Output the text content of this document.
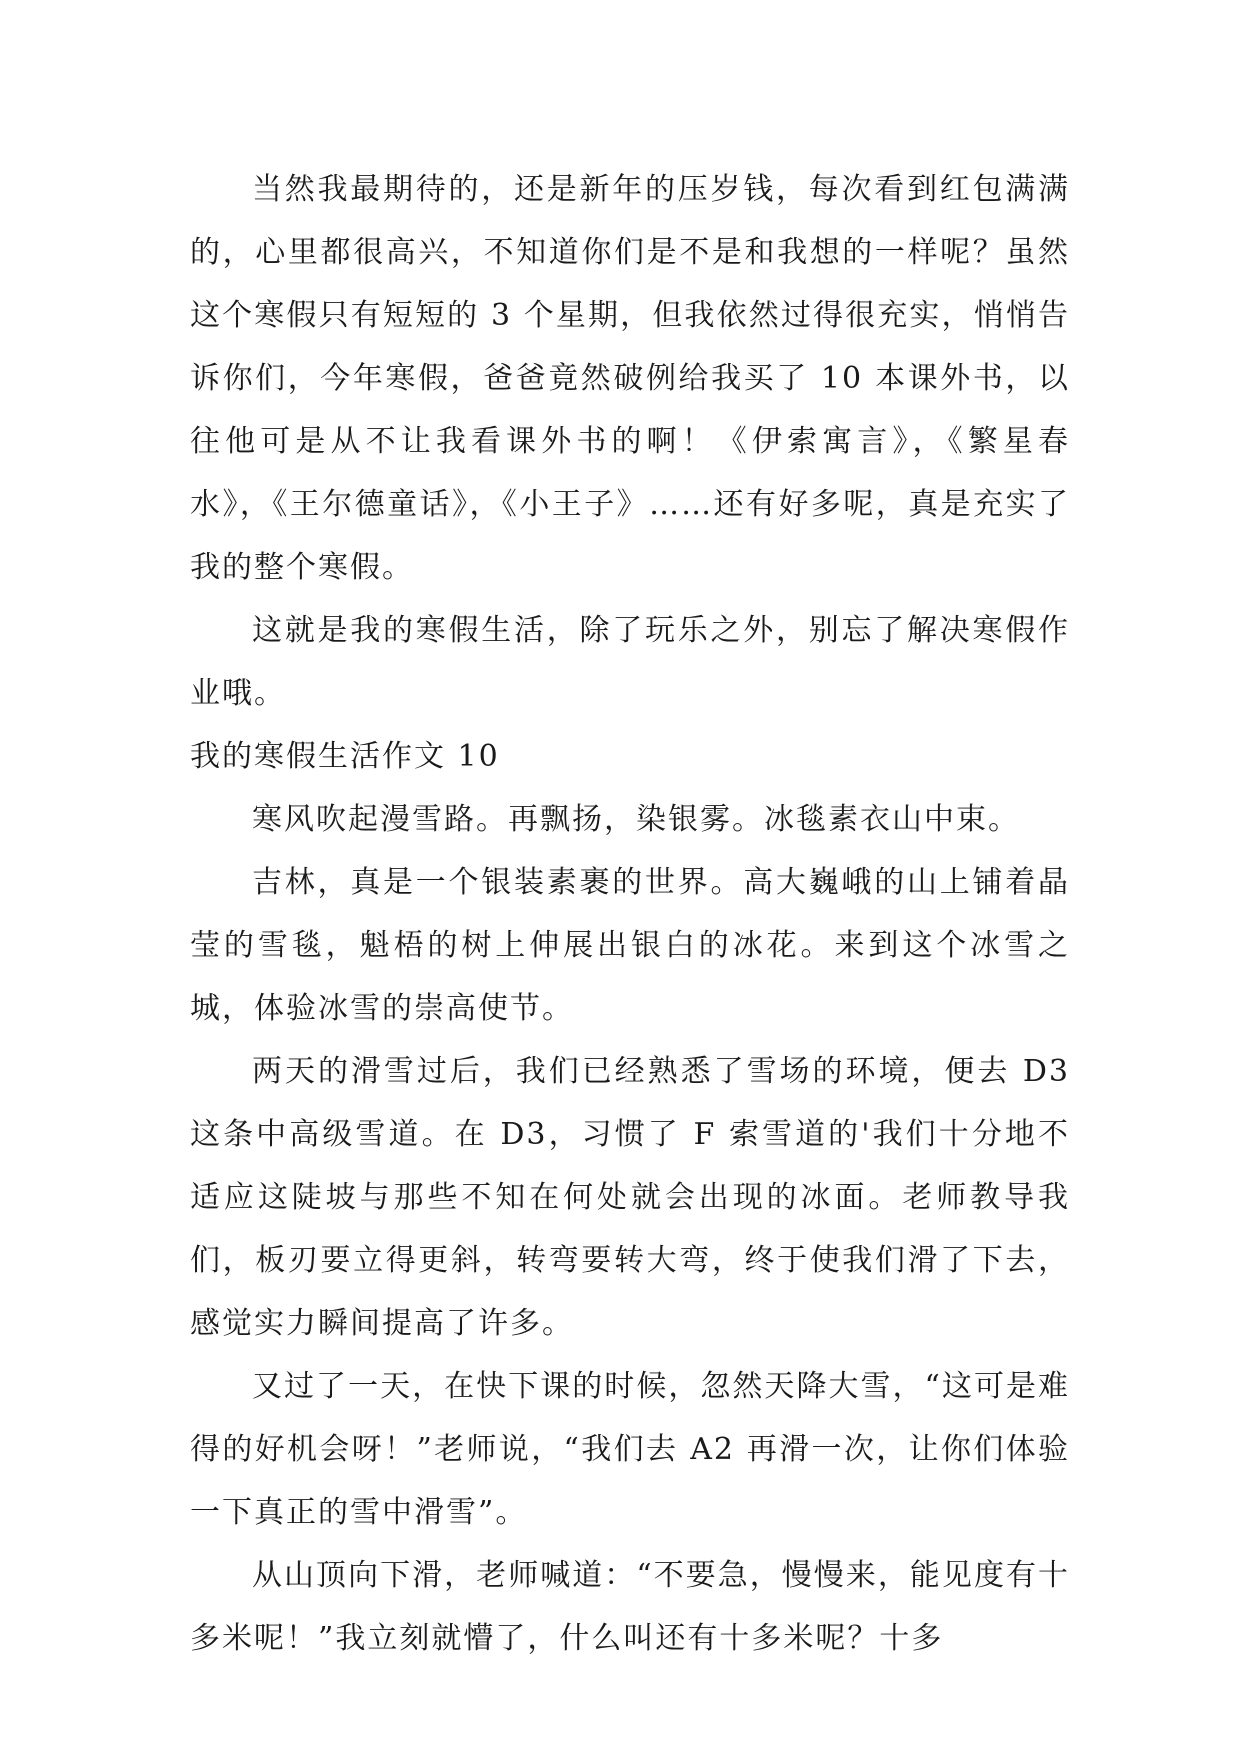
当然我最期待的，还是新年的压岁钱，每次看到红包满满的，心里都很高兴，不知道你们是不是和我想的一样呢？虽然这个寒假只有短短的 3 个星期，但我依然过得很充实，悄悄告诉你们，今年寒假，爸爸竟然破例给我买了 10 本课外书，以往他可是从不让我看课外书的啊！《伊索寓言》，《繁星春水》，《王尔德童话》，《小王子》……还有好多呢，真是充实了我的整个寒假。

这就是我的寒假生活，除了玩乐之外，别忘了解决寒假作业哦。

我的寒假生活作文 10

寒风吹起漫雪路。再飘扬，染银雾。冰毯素衣山中束。

吉林，真是一个银装素裹的世界。高大巍峨的山上铺着晶莹的雪毯，魁梧的树上伸展出银白的冰花。来到这个冰雪之城，体验冰雪的崇高使节。

两天的滑雪过后，我们已经熟悉了雪场的环境，便去 D3 这条中高级雪道。在 D3，习惯了 F 索雪道的'我们十分地不适应这陡坡与那些不知在何处就会出现的冰面。老师教导我们，板刃要立得更斜，转弯要转大弯，终于使我们滑了下去，感觉实力瞬间提高了许多。

又过了一天，在快下课的时候，忽然天降大雪，“这可是难得的好机会呀！”老师说，“我们去 A2 再滑一次，让你们体验一下真正的雪中滑雪”。

从山顶向下滑，老师喊道：“不要急，慢慢来，能见度有十多米呢！”我立刻就懵了，什么叫还有十多米呢？十多
